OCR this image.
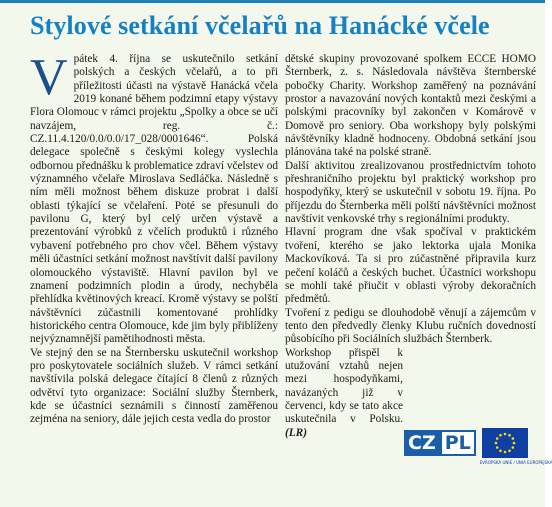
Stylové setkání včelařů na Hanácké včele

Vpátek 4. října se uskutečnilo setkání polských a českých včelařů, a to při příležitosti účasti na výstavě Hanácká včela 2019 konané během podzimní etapy výstavy Flora Olomouc v rámci projektu „Spolky a obce se učí navzájem, reg. č.: CZ.11.4.120/0.0/0.0/17_028/0001646“. Polská delegace společně s českými kolegy vyslechla odbornou přednášku k problematice zdraví včelstev od významného včelaře Miroslava Sedláčka. Následně s ním měli možnost během diskuze probrat i další oblasti týkající se včelaření. Poté se přesunuli do pavilonu G, který byl celý určen výstavě a prezentování výrobků z včelích produktů i různého vybavení potřebného pro chov včel. Během výstavy měli účastníci setkání možnost navštívit další pavilony olomouckého výstaviště. Hlavní pavilon byl ve znamení podzimních plodin a úrody, nechyběla přehlídka květinových kreací. Kromě výstavy se polští návštěvníci zúčastnili komentované prohlídky historického centra Olomouce, kde jim byly přiblíženy nejvýznamnější pamětihodnosti města.

Ve stejný den se na Šternbersku uskutečnil workshop pro poskytovatele sociálních služeb. V rámci setkání navštívila polská delegace čítající 8 členů z různých odvětví tyto organizace: Sociální služby Šternberk, kde se účastníci seznámili s činností zaměřenou zejména na seniory, dále jejich cesta vedla do prostor

dětské skupiny provozované spolkem ECCE HOMO Šternberk, z. s. Následovala návštěva šternberské pobočky Charity. Workshop zaměřený na poznávání prostor a navazování nových kontaktů mezi českými a polskými pracovníky byl zakončen v Komárově v Domově pro seniory. Oba workshopy byly polskými návštěvníky kladně hodnoceny. Obdobná setkání jsou plánována také na polské straně.

Další aktivitou zrealizovanou prostřednictvím tohoto přeshraničního projektu byl praktický workshop pro hospodyňky, který se uskutečnil v sobotu 19. října. Po příjezdu do Šternberka měli polští návštěvníci možnost navštívit venkovské trhy s regionálními produkty.

Hlavní program dne však spočíval v praktickém tvoření, kterého se jako lektorka ujala Monika Mackovíková. Ta si pro zúčastněné připravila kurz pečení koláčů a českých buchet. Účastníci workshopu se mohli také přiučit v oblasti výroby dekoračních předmětů.

Tvoření z pedigu se dlouhodobě věnují a zájemcům v tento den předvedly členky Klubu ručních dovedností působícího při Sociálních službách Šternberk.

Workshop přispěl k utužování vztahů nejen mezi hospodyňkami, navázaných již v červenci, kdy se tato akce uskutečnila v Polsku. (LR)	CZ PL
EVROPSKÁ UNIE / UNIA EUROPEJSKA
